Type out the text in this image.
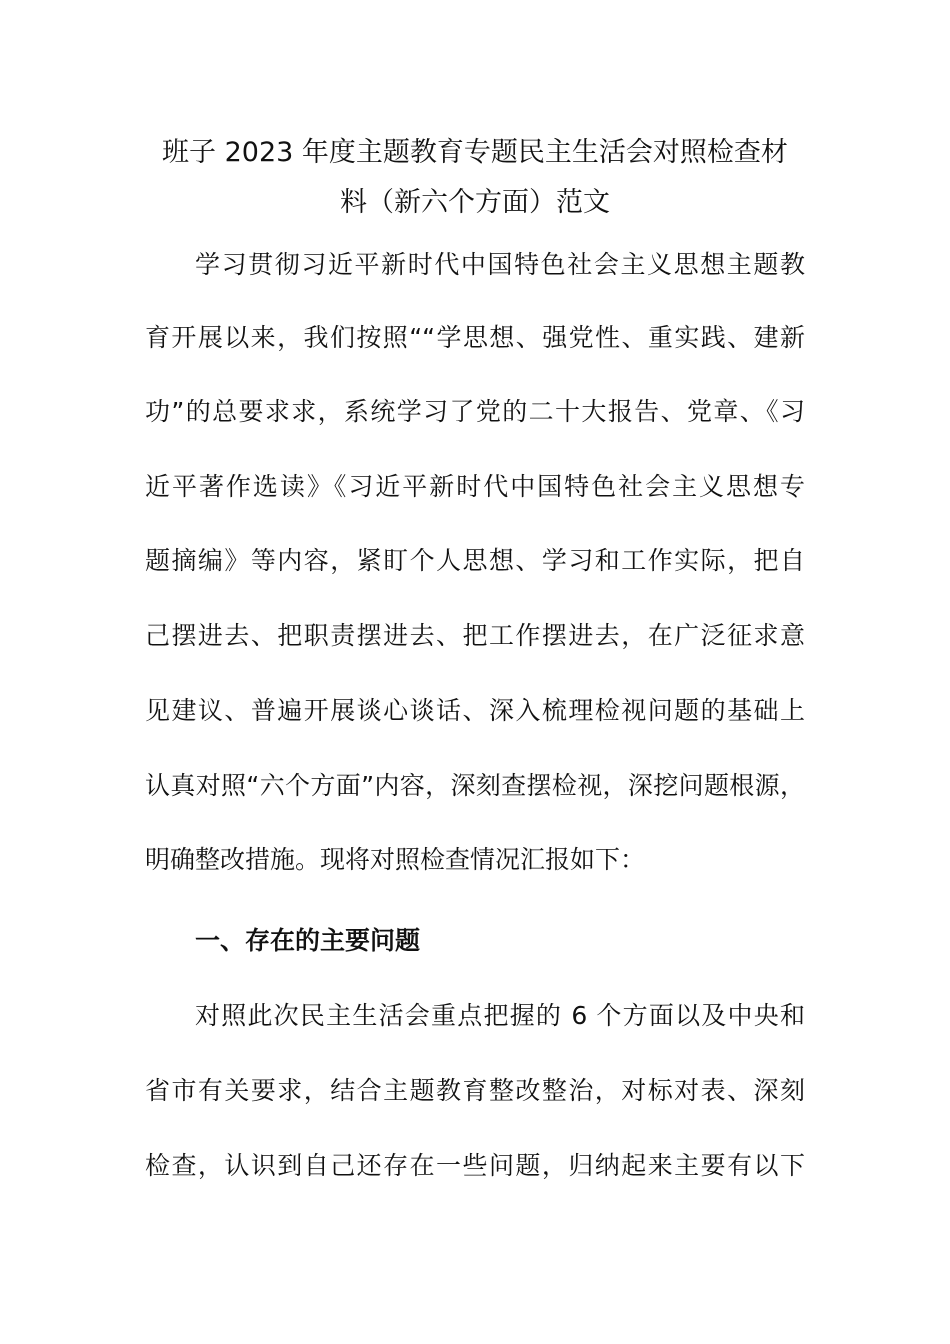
班子 2023 年度主题教育专题民主生活会对照检查材
料（新六个方面）范文

学习贯彻习近平新时代中国特色社会主义思想主题教

育开展以来，我们按照““学思想、强党性、重实践、建新

功”的总要求求，系统学习了党的二十大报告、党章、《习

近平著作选读》《习近平新时代中国特色社会主义思想专

题摘编》等内容，紧盯个人思想、学习和工作实际，把自

己摆进去、把职责摆进去、把工作摆进去，在广泛征求意

见建议、普遍开展谈心谈话、深入梳理检视问题的基础上

认真对照“六个方面”内容，深刻查摆检视，深挖问题根源，

明确整改措施。现将对照检查情况汇报如下：

一、存在的主要问题

对照此次民主生活会重点把握的 6 个方面以及中央和

省市有关要求，结合主题教育整改整治，对标对表、深刻

检查，认识到自己还存在一些问题，归纳起来主要有以下
